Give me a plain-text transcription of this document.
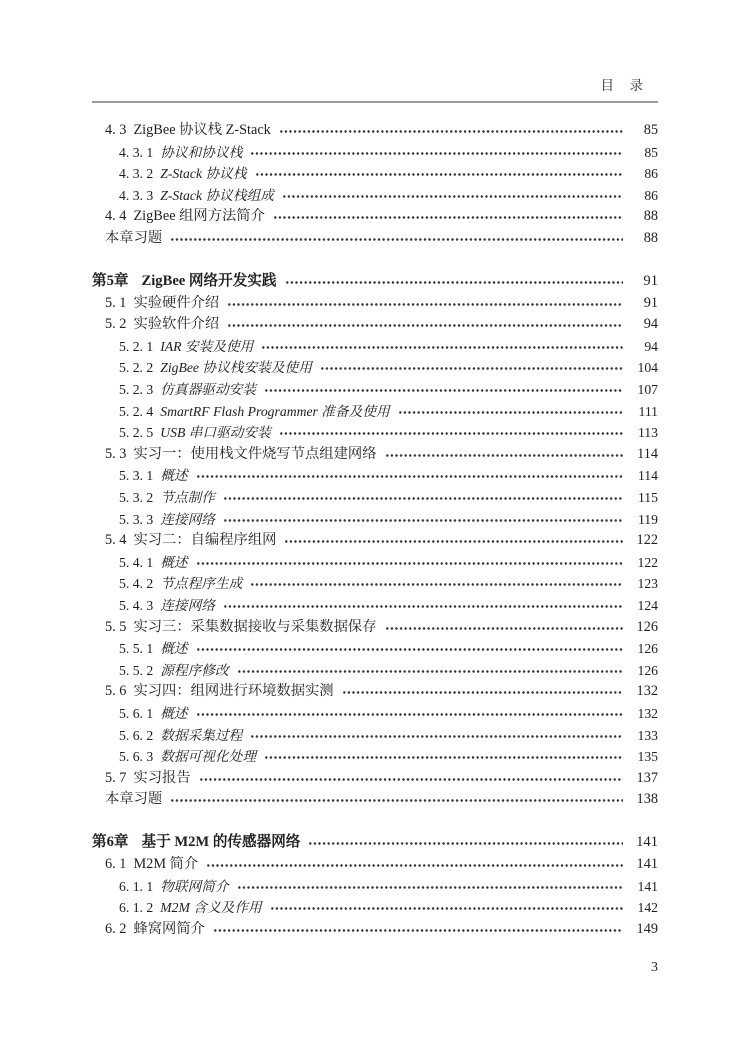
目　录
4. 3 ZigBee 协议栈 Z-Stack	85
4. 3. 1 协议和协议栈	85
4. 3. 2 Z-Stack 协议栈	86
4. 3. 3 Z-Stack 协议栈组成	86
4. 4 ZigBee 组网方法简介	88
本章习题	88
第5章 ZigBee 网络开发实践	91
5. 1 实验硬件介绍	91
5. 2 实验软件介绍	94
5. 2. 1 IAR 安装及使用	94
5. 2. 2 ZigBee 协议栈安装及使用	104
5. 2. 3 仿真器驱动安装	107
5. 2. 4 SmartRF Flash Programmer 准备及使用	111
5. 2. 5 USB 串口驱动安装	113
5. 3 实习一：使用栈文件烧写节点组建网络	114
5. 3. 1 概述	114
5. 3. 2 节点制作	115
5. 3. 3 连接网络	119
5. 4 实习二：自编程序组网	122
5. 4. 1 概述	122
5. 4. 2 节点程序生成	123
5. 4. 3 连接网络	124
5. 5 实习三：采集数据接收与采集数据保存	126
5. 5. 1 概述	126
5. 5. 2 源程序修改	126
5. 6 实习四：组网进行环境数据实测	132
5. 6. 1 概述	132
5. 6. 2 数据采集过程	133
5. 6. 3 数据可视化处理	135
5. 7 实习报告	137
本章习题	138
第6章 基于 M2M 的传感器网络	141
6. 1 M2M 简介	141
6. 1. 1 物联网简介	141
6. 1. 2 M2M 含义及作用	142
6. 2 蜂窝网简介	149
3
